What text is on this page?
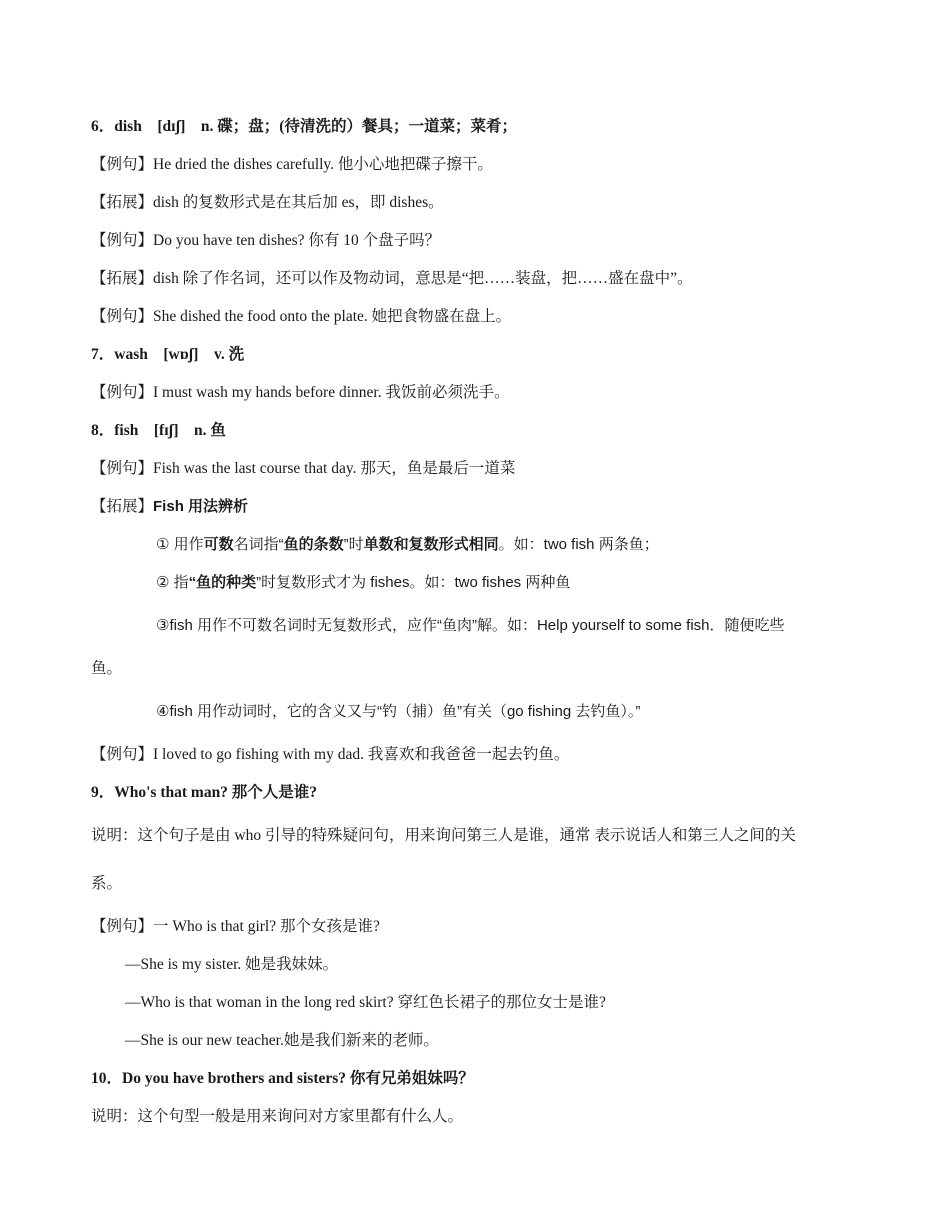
6．dish　[dɪʃ]　n. 碟；盘；(待清洗的）餐具；一道菜；菜肴；
【例句】He dried the dishes carefully. 他小心地把碟子擦干。
【拓展】dish 的复数形式是在其后加 es，即 dishes。
【例句】Do you have ten dishes? 你有 10 个盘子吗？
【拓展】dish 除了作名词，还可以作及物动词，意思是“把……装盘，把……盛在盘中”。
【例句】She dished the food onto the plate. 她把食物盛在盘上。
7．wash　[wɒʃ]　v. 洗
【例句】I must wash my hands before dinner. 我饭前必须洗手。
8．fish　[fɪʃ]　n. 鱼
【例句】Fish was the last course that day. 那天，鱼是最后一道菜
【拓展】Fish 用法辨析
① 用作可数名词指“鱼的条数”时单数和复数形式相同。如：two fish 两条鱼；
② 指“鱼的种类”时复数形式才为 fishes。如：two fishes 两种鱼
③fish 用作不可数名词时无复数形式，应作“鱼肉”解。如：Help yourself to some fish．随便吃些
鱼。
④fish 用作动词时，它的含义又与“钓（捕）鱼”有关（go fishing 去钓鱼）。”
【例句】I loved to go fishing with my dad. 我喜欢和我爸爸一起去钓鱼。
9．Who's that man? 那个人是谁?
说明：这个句子是由 who 引导的特殊疑问句，用来询问第三人是谁，通常 表示说话人和第三人之间的关
系。
【例句】一 Who is that girl? 那个女孩是谁?
—She is my sister. 她是我妹妹。
—Who is that woman in the long red skirt? 穿红色长裙子的那位女士是谁?
—She is our new teacher.她是我们新来的老师。
10．Do you have brothers and sisters? 你有兄弟姐妹吗？
说明：这个句型一般是用来询问对方家里都有什么人。
